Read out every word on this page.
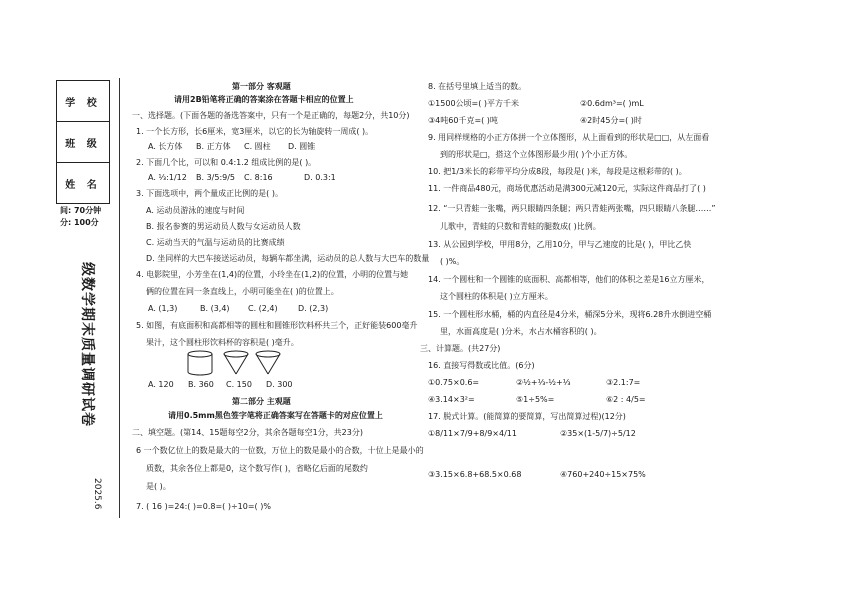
学 校
班 级
姓 名
间: 70分钟
分: 100分
级数学期末质量调研试卷
2025.6
第一部分 客观题
请用2B铅笔将正确的答案涂在答题卡相应的位置上
一、选择题。(下面各题的备选答案中，只有一个是正确的，每题2分，共10分)
1. 一个长方形，长6厘米，宽3厘米，以它的长为轴旋转一周成( )。
A. 长方体 B. 正方体 C. 圆柱 D. 圆锥
2. 下面几个比，可以和 0.4:1.2 组成比例的是( )。
A. ⅓:1/12 B. 3/5:9/5 C. 8:16	D. 0.3:1
3. 下面选项中，两个量成正比例的是( )。
A. 运动员游泳的速度与时间
B. 报名参赛的男运动员人数与女运动员人数
C. 运动当天的气温与运动员的比赛成绩
D. 坐同样的大巴车接送运动员，每辆车都坐满，运动员的总人数与大巴车的数量
4. 电影院里，小芳坐在(1,4)的位置，小玲坐在(1,2)的位置，小明的位置与她
俩的位置在同一条直线上，小明可能坐在( )的位置上。
A. (1,3)	B. (3,4) C. (2,4)	D. (2,3)
5. 如图，有底面积和高都相等的圆柱和圆锥形饮料杯共三个，正好能装600毫升
果汁，这个圆柱形饮料杯的容积是( )毫升。
A. 120 B. 360 C. 150 D. 300
第二部分 主观题
请用0.5mm黑色签字笔将正确答案写在答题卡的对应位置上
二、填空题。(第14、15题每空2分，其余各题每空1分，共23分)
6 一个数亿位上的数是最大的一位数，万位上的数是最小的合数，十位上是最小的
质数，其余各位上都是0，这个数写作( )，省略亿后面的尾数约
是( )。
7. ( 16 )=24:( )=0.8=( )÷10=( )%
8. 在括号里填上适当的数。
①1500公顷=( )平方千米	②0.6dm³=( )mL
③4吨60千克=( )吨	④2时45分=( )时
9. 用同样规格的小正方体拼一个立体图形，从上面看到的形状是□□，从左面看
到的形状是□，搭这个立体图形最少用( )个小正方体。
10. 把1/3米长的彩带平均分成8段，每段是( )米，每段是这根彩带的( )。
11. 一件商品480元，商场优惠活动是满300元减120元，实际这件商品打了( )
12. “一只青蛙一张嘴，两只眼睛四条腿；两只青蛙两张嘴，四只眼睛八条腿……”
儿歌中，青蛙的只数和青蛙的腿数成( )比例。
13. 从公园到学校，甲用8分，乙用10分，甲与乙速度的比是( )，甲比乙快
( )%。
14. 一个圆柱和一个圆锥的底面积、高都相等，他们的体积之差是16立方厘米，
这个圆柱的体积是( )立方厘米。
15. 一个圆柱形水桶，桶的内直径是4分米，桶深5分米，现将6.28升水倒进空桶
里，水面高度是( )分米，水占水桶容积的( )。
三、计算题。(共27分)
16. 直接写得数或比值。(6分)
①0.75×0.6=	②½+⅓-½+⅓	③2.1:7=
④3.14×3²=	⑤1÷5%=	⑥2 : 4/5=
17. 脱式计算。(能简算的要简算，写出简算过程)(12分)
①8/11×7/9+8/9×4/11	②35×(1-5/7)÷5/12
③3.15×6.8+68.5×0.68	④760+240÷15×75%
